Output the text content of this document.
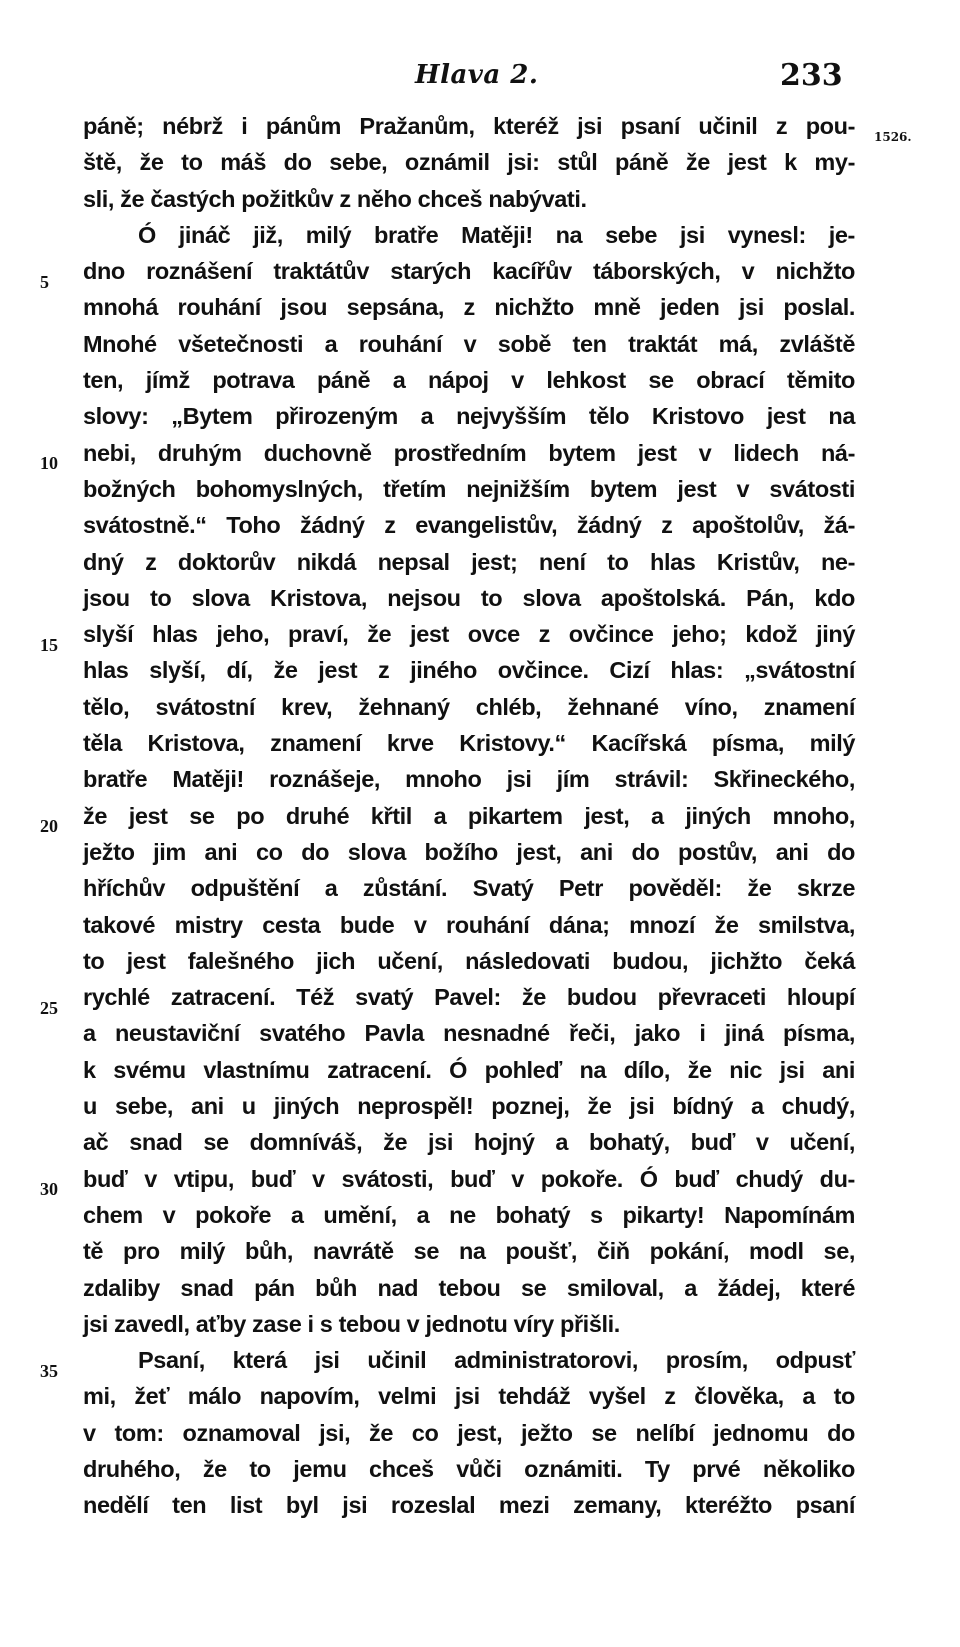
Hlava 2.	233
1526.
5
10
15
20
25
30
35
páně; nébrž i pánům Pražanům, kteréž jsi psaní učinil z pou-
ště, že to máš do sebe, oznámil jsi: stůl páně že jest k my-
sli, že častých požitkův z něho chceš nabývati.
Ó jináč již, milý bratře Matěji! na sebe jsi vynesl: je-
dno roznášení traktátův starých kacířův táborských, v nichžto
mnohá rouhání jsou sepsána, z nichžto mně jeden jsi poslal.
Mnohé všetečnosti a rouhání v sobě ten traktát má, zvláště
ten, jímž potrava páně a nápoj v lehkost se obrací těmito
slovy: „Bytem přirozeným a nejvyšším tělo Kristovo jest na
nebi, druhým duchovně prostředním bytem jest v lidech ná-
božných bohomyslných, třetím nejnižším bytem jest v svátosti
svátostně.“ Toho žádný z evangelistův, žádný z apoštolův, žá-
dný z doktorův nikdá nepsal jest; není to hlas Kristův, ne-
jsou to slova Kristova, nejsou to slova apoštolská. Pán, kdo
slyší hlas jeho, praví, že jest ovce z ovčince jeho; kdož jiný
hlas slyší, dí, že jest z jiného ovčince. Cizí hlas: „svátostní
tělo, svátostní krev, žehnaný chléb, žehnané víno, znamení
těla Kristova, znamení krve Kristovy.“ Kacířská písma, milý
bratře Matěji! roznášeje, mnoho jsi jím strávil: Skřineckého,
že jest se po druhé křtil a pikartem jest, a jiných mnoho,
ježto jim ani co do slova božího jest, ani do postův, ani do
hříchův odpuštění a zůstání. Svatý Petr pověděl: že skrze
takové mistry cesta bude v rouhání dána; mnozí že smilstva,
to jest falešného jich učení, následovati budou, jichžto čeká
rychlé zatracení. Též svatý Pavel: že budou převraceti hloupí
a neustaviční svatého Pavla nesnadné řeči, jako i jiná písma,
k svému vlastnímu zatracení. Ó pohleď na dílo, že nic jsi ani
u sebe, ani u jiných neprospěl! poznej, že jsi bídný a chudý,
ač snad se domníváš, že jsi hojný a bohatý, buď v učení,
buď v vtipu, buď v svátosti, buď v pokoře. Ó buď chudý du-
chem v pokoře a umění, a ne bohatý s pikarty! Napomínám
tě pro milý bůh, navrátě se na poušť, čiň pokání, modl se,
zdaliby snad pán bůh nad tebou se smiloval, a žádej, které
jsi zavedl, aťby zase i s tebou v jednotu víry přišli.
Psaní, která jsi učinil administratorovi, prosím, odpusť
mi, žeť málo napovím, velmi jsi tehdáž vyšel z člověka, a to
v tom: oznamoval jsi, že co jest, ježto se nelíbí jednomu do
druhého, že to jemu chceš vůči oznámiti. Ty prvé několiko
nedělí ten list byl jsi rozeslal mezi zemany, kteréžto psaní
